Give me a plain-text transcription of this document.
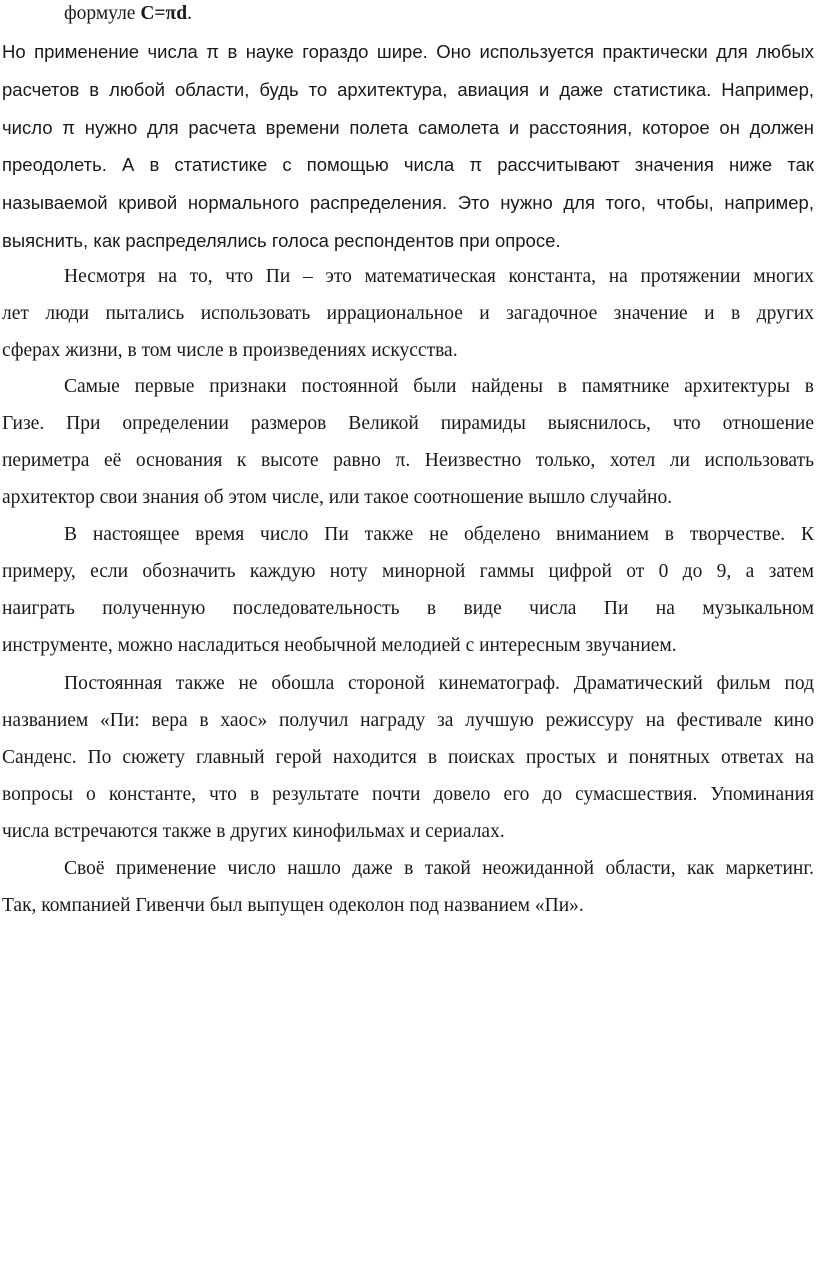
формуле C=πd.
Но применение числа π в науке гораздо шире. Оно используется практически для любых
расчетов в любой области, будь то архитектура, авиация и даже статистика. Например,
число π нужно для расчета времени полета самолета и расстояния, которое он должен
преодолеть. А в статистике с помощью числа π рассчитывают значения ниже так
называемой кривой нормального распределения. Это нужно для того, чтобы, например,
выяснить, как распределялись голоса респондентов при опросе.
Несмотря на то, что Пи – это математическая константа, на протяжении многих
лет люди пытались использовать иррациональное и загадочное значение и в других
сферах жизни, в том числе в произведениях искусства.
Самые первые признаки постоянной были найдены в памятнике архитектуры в
Гизе. При определении размеров Великой пирамиды выяснилось, что отношение
периметра её основания к высоте равно π. Неизвестно только, хотел ли использовать
архитектор свои знания об этом числе, или такое соотношение вышло случайно.
В настоящее время число Пи также не обделено вниманием в творчестве. К
примеру, если обозначить каждую ноту минорной гаммы цифрой от 0 до 9, а затем
наиграть полученную последовательность в виде числа Пи на музыкальном
инструменте, можно насладиться необычной мелодией с интересным звучанием.
Постоянная также не обошла стороной кинематограф. Драматический фильм под
названием «Пи: вера в хаос» получил награду за лучшую режиссуру на фестивале кино
Санденс. По сюжету главный герой находится в поисках простых и понятных ответах на
вопросы о константе, что в результате почти довело его до сумасшествия. Упоминания
числа встречаются также в других кинофильмах и сериалах.
Своё применение число нашло даже в такой неожиданной области, как маркетинг.
Так, компанией Гивенчи был выпущен одеколон под названием «Пи».
